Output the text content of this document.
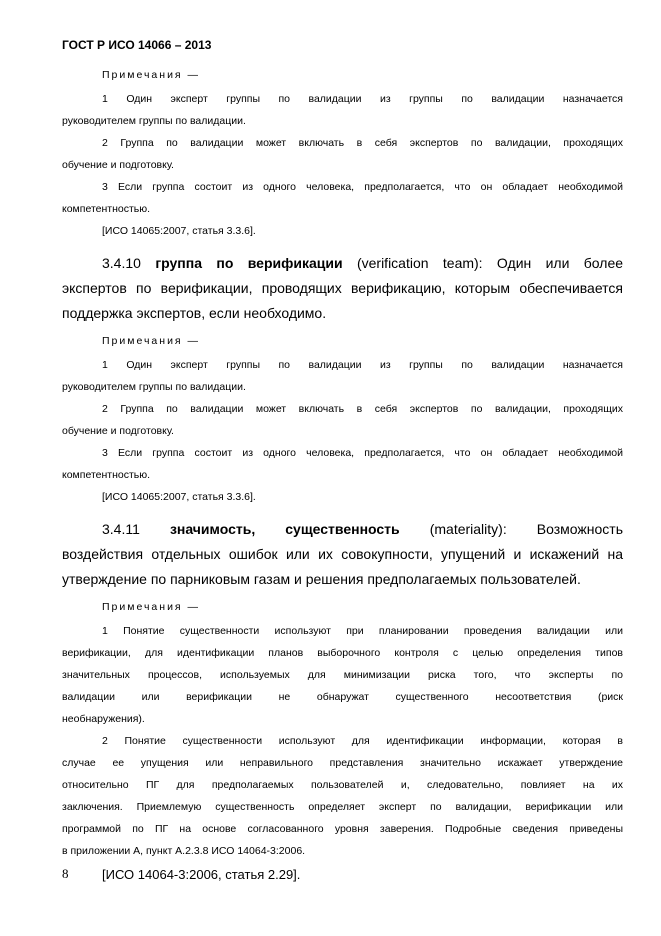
ГОСТ Р ИСО 14066 – 2013

Примечания —

1 Один эксперт группы по валидации из группы по валидации назначается

руководителем группы по валидации.

2 Группа по валидации может включать в себя экспертов по валидации, проходящих

обучение и подготовку.

3 Если группа состоит из одного человека, предполагается, что он обладает необходимой

компетентностью.

[ИСО 14065:2007, статья 3.3.6].

3.4.10 группа по верификации (verification team): Один или более

экспертов по верификации, проводящих верификацию, которым обеспечивается

поддержка экспертов, если необходимо.

Примечания —

1 Один эксперт группы по валидации из группы по валидации назначается

руководителем группы по валидации.

2 Группа по валидации может включать в себя экспертов по валидации, проходящих

обучение и подготовку.

3 Если группа состоит из одного человека, предполагается, что он обладает необходимой

компетентностью.

[ИСО 14065:2007, статья 3.3.6].

3.4.11 значимость, существенность (materiality): Возможность

воздействия отдельных ошибок или их совокупности, упущений и искажений на

утверждение по парниковым газам и решения предполагаемых пользователей.

Примечания —

1 Понятие существенности используют при планировании проведения валидации или

верификации, для идентификации планов выборочного контроля с целью определения типов

значительных процессов, используемых для минимизации риска того, что эксперты по

валидации или верификации не обнаружат существенного несоответствия (риск

необнаружения).

2 Понятие существенности используют для идентификации информации, которая в

случае ее упущения или неправильного представления значительно искажает утверждение

относительно ПГ для предполагаемых пользователей и, следовательно, повлияет на их

заключения. Приемлемую существенность определяет эксперт по валидации, верификации или

программой по ПГ на основе согласованного уровня заверения. Подробные сведения приведены

в приложении А, пункт А.2.3.8 ИСО 14064-3:2006.

[ИСО 14064-3:2006, статья 2.29].

8
